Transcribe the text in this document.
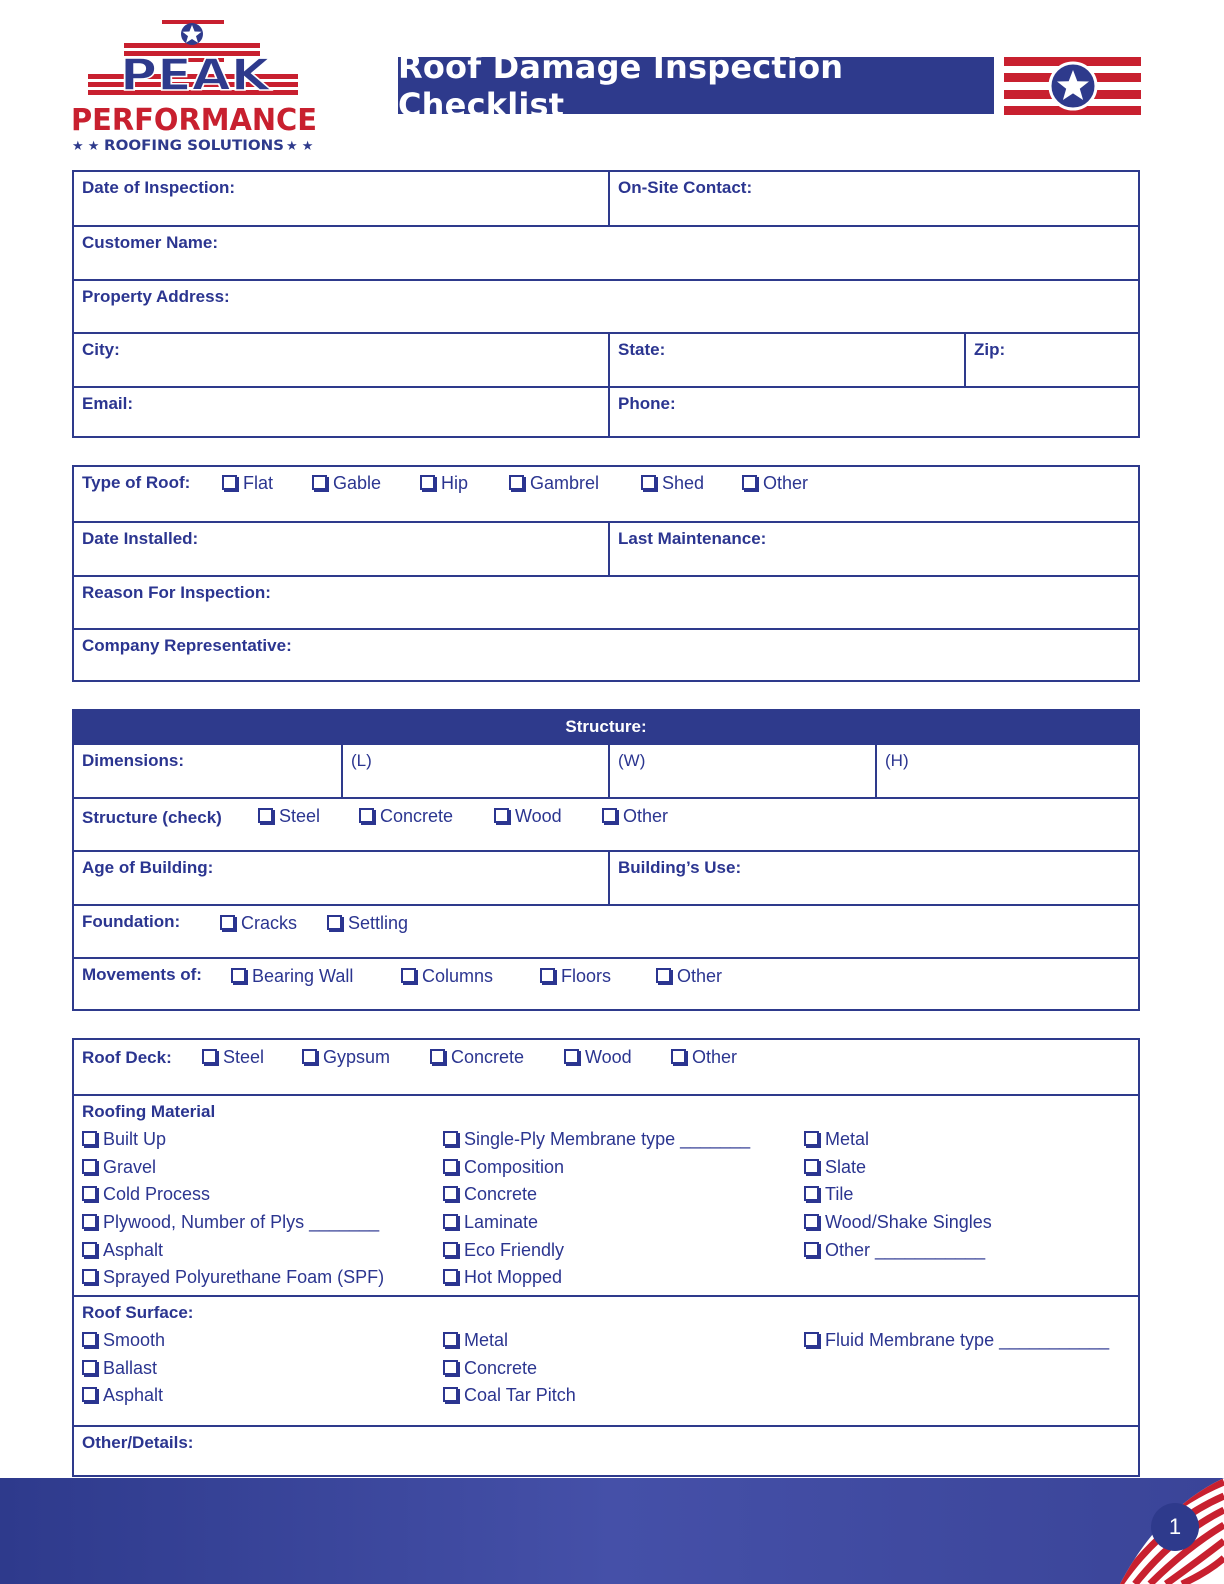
PEAK
PERFORMANCE
★ ★ ROOFING SOLUTIONS ★ ★
Roof Damage Inspection Checklist
Date of Inspection:	On-Site Contact:
Customer Name:
Property Address:
City:	State:	Zip:
Email:	Phone:
Type of Roof:	Flat	Gable	Hip	Gambrel	Shed	Other
Date Installed:	Last Maintenance:
Reason For Inspection:
Company Representative:
Structure:
Dimensions:	(L)	(W)	(H)
Structure (check)	Steel	Concrete	Wood	Other
Age of Building:	Building’s Use:
Foundation:	Cracks	Settling
Movements of:	Bearing Wall	Columns	Floors	Other
Roof Deck:	Steel	Gypsum	Concrete	Wood	Other
Roofing Material
Built Up
Gravel
Cold Process
Plywood, Number of Plys _______
Asphalt
Sprayed Polyurethane Foam (SPF)
Single-Ply Membrane type _______
Composition
Concrete
Laminate
Eco Friendly
Hot Mopped
Metal
Slate
Tile
Wood/Shake Singles
Other ___________
Roof Surface:
Smooth
Ballast
Asphalt
Metal
Concrete
Coal Tar Pitch
Fluid Membrane type ___________
Other/Details:
1
